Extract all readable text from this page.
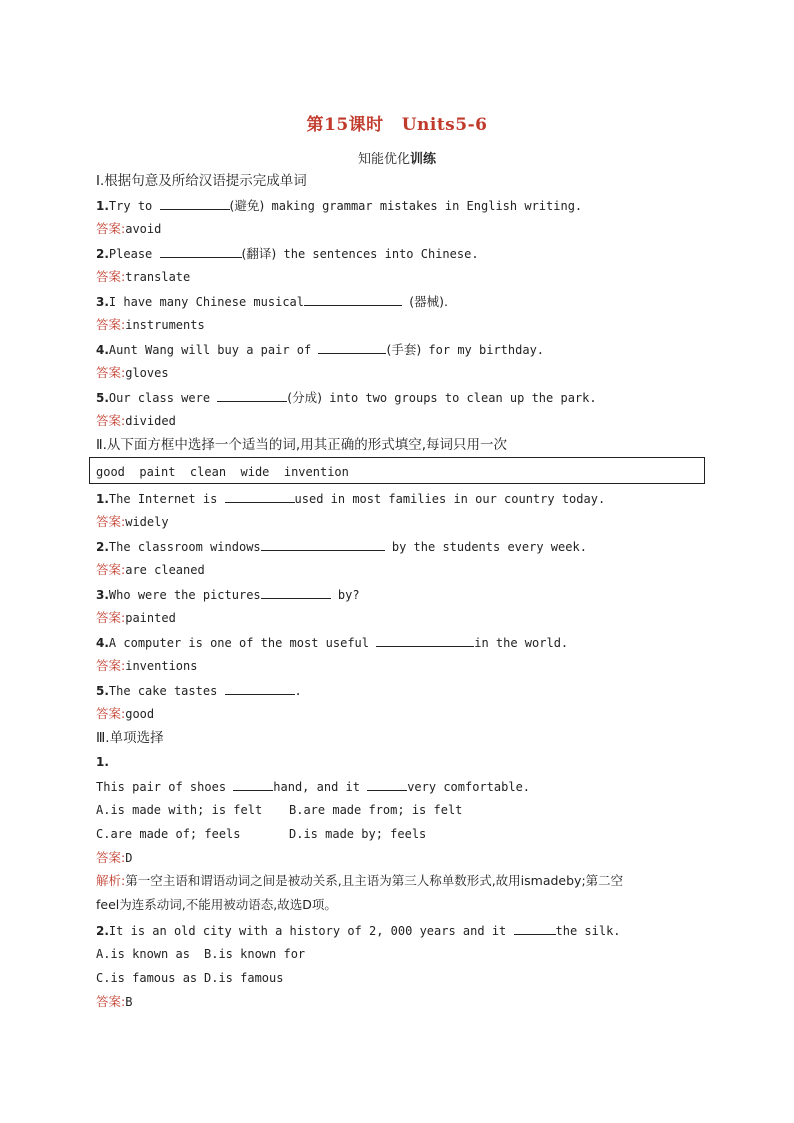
第15课时 Units5-6
知能优化训练
Ⅰ.根据句意及所给汉语提示完成单词
1.Try to	(避免) making grammar mistakes in English writing.
答案:avoid
2.Please	(翻译) the sentences into Chinese.
答案:translate
3.I have many Chinese musical	(器械).
答案:instruments
4.Aunt Wang will buy a pair of	(手套) for my birthday.
答案:gloves
5.Our class were	(分成) into two groups to clean up the park.
答案:divided
Ⅱ.从下面方框中选择一个适当的词,用其正确的形式填空,每词只用一次
good  paint  clean  wide  invention
1.The Internet is	used in most families in our country today.
答案:widely
2.The classroom windows	by the students every week.
答案:are cleaned
3.Who were the pictures	by?
答案:painted
4.A computer is one of the most useful	in the world.
答案:inventions
5.The cake tastes	.
答案:good
Ⅲ.单项选择
1.
This pair of shoes	hand, and it	very comfortable.
A.is made with; is felt B.are made from; is felt
C.are made of; feels	D.is made by; feels
答案:D
解析:第一空主语和谓语动词之间是被动关系,且主语为第三人称单数形式,故用ismadeby;第二空
feel为连系动词,不能用被动语态,故选D项。
2.It is an old city with a history of 2, 000 years and it	the silk.
A.is known as B.is known for
C.is famous as D.is famous
答案:B
